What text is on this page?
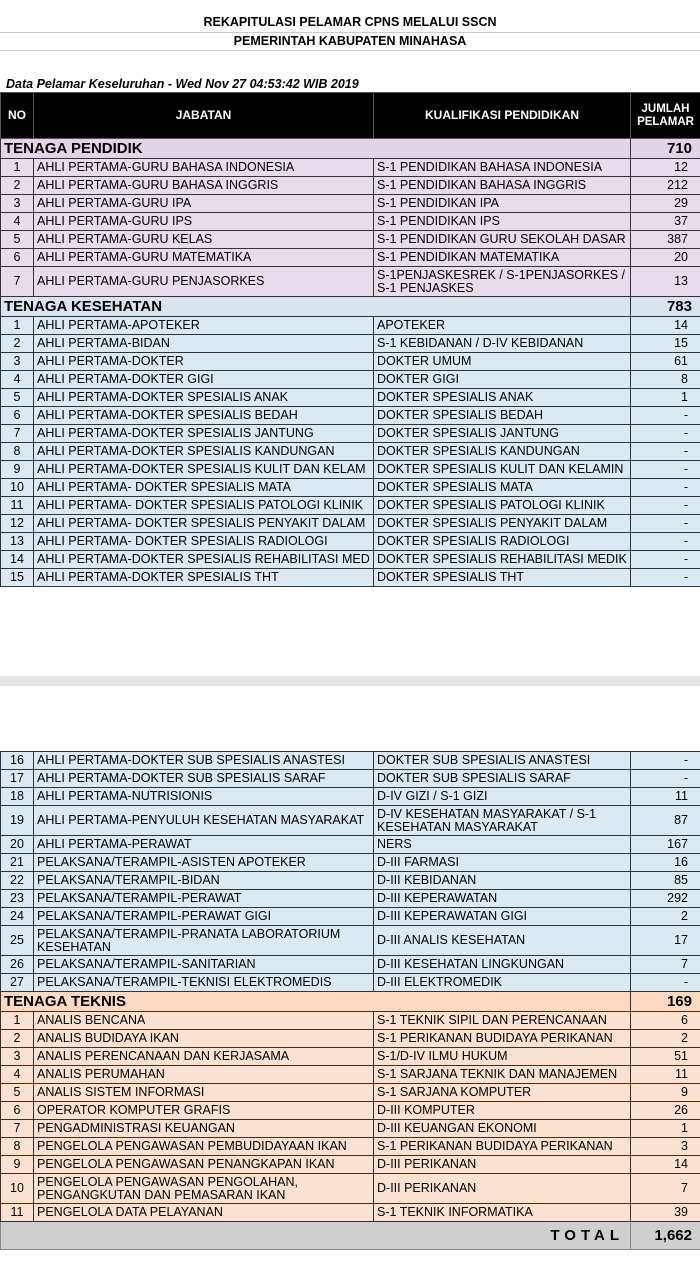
REKAPITULASI PELAMAR CPNS MELALUI SSCN
PEMERINTAH KABUPATEN MINAHASA
Data Pelamar Keseluruhan - Wed Nov 27 04:53:42 WIB 2019
NO	JABATAN	KUALIFIKASI PENDIDIKAN	JUMLAH PELAMAR
TENAGA PENDIDIK			710
1	AHLI PERTAMA-GURU BAHASA INDONESIA	S-1 PENDIDIKAN BAHASA INDONESIA	12
2	AHLI PERTAMA-GURU BAHASA INGGRIS	S-1 PENDIDIKAN BAHASA INGGRIS	212
3	AHLI PERTAMA-GURU IPA	S-1 PENDIDIKAN IPA	29
4	AHLI PERTAMA-GURU IPS	S-1 PENDIDIKAN IPS	37
5	AHLI PERTAMA-GURU KELAS	S-1 PENDIDIKAN GURU SEKOLAH DASAR	387
6	AHLI PERTAMA-GURU MATEMATIKA	S-1 PENDIDIKAN MATEMATIKA	20
7	AHLI PERTAMA-GURU PENJASORKES	S-1PENJASKESREK / S-1PENJASORKES / S-1 PENJASKES	13
TENAGA KESEHATAN			783
1	AHLI PERTAMA-APOTEKER	APOTEKER	14
2	AHLI PERTAMA-BIDAN	S-1 KEBIDANAN / D-IV KEBIDANAN	15
3	AHLI PERTAMA-DOKTER	DOKTER UMUM	61
4	AHLI PERTAMA-DOKTER GIGI	DOKTER GIGI	8
5	AHLI PERTAMA-DOKTER SPESIALIS ANAK	DOKTER SPESIALIS ANAK	1
6	AHLI PERTAMA-DOKTER SPESIALIS BEDAH	DOKTER SPESIALIS BEDAH	-
7	AHLI PERTAMA-DOKTER SPESIALIS JANTUNG	DOKTER SPESIALIS JANTUNG	-
8	AHLI PERTAMA-DOKTER SPESIALIS KANDUNGAN	DOKTER SPESIALIS KANDUNGAN	-
9	AHLI PERTAMA-DOKTER SPESIALIS KULIT DAN KELAM	DOKTER SPESIALIS KULIT DAN KELAMIN	-
10	AHLI PERTAMA- DOKTER SPESIALIS MATA	DOKTER SPESIALIS MATA	-
11	AHLI PERTAMA- DOKTER SPESIALIS PATOLOGI KLINIK	DOKTER SPESIALIS PATOLOGI KLINIK	-
12	AHLI PERTAMA- DOKTER SPESIALIS PENYAKIT DALAM	DOKTER SPESIALIS PENYAKIT DALAM	-
13	AHLI PERTAMA- DOKTER SPESIALIS RADIOLOGI	DOKTER SPESIALIS RADIOLOGI	-
14	AHLI PERTAMA-DOKTER SPESIALIS REHABILITASI MED	DOKTER SPESIALIS REHABILITASI MEDIK	-
15	AHLI PERTAMA-DOKTER SPESIALIS THT	DOKTER SPESIALIS THT	-
16	AHLI PERTAMA-DOKTER SUB SPESIALIS ANASTESI	DOKTER SUB SPESIALIS ANASTESI	-
17	AHLI PERTAMA-DOKTER SUB SPESIALIS SARAF	DOKTER SUB SPESIALIS SARAF	-
18	AHLI PERTAMA-NUTRISIONIS	D-IV GIZI / S-1 GIZI	11
19	AHLI PERTAMA-PENYULUH KESEHATAN MASYARAKAT	D-IV KESEHATAN MASYARAKAT / S-1 KESEHATAN MASYARAKAT	87
20	AHLI PERTAMA-PERAWAT	NERS	167
21	PELAKSANA/TERAMPIL-ASISTEN APOTEKER	D-III FARMASI	16
22	PELAKSANA/TERAMPIL-BIDAN	D-III KEBIDANAN	85
23	PELAKSANA/TERAMPIL-PERAWAT	D-III KEPERAWATAN	292
24	PELAKSANA/TERAMPIL-PERAWAT GIGI	D-III KEPERAWATAN GIGI	2
25	PELAKSANA/TERAMPIL-PRANATA LABORATORIUM KESEHATAN	D-III ANALIS KESEHATAN	17
26	PELAKSANA/TERAMPIL-SANITARIAN	D-III KESEHATAN LINGKUNGAN	7
27	PELAKSANA/TERAMPIL-TEKNISI ELEKTROMEDIS	D-III ELEKTROMEDIK	-
TENAGA TEKNIS			169
1	ANALIS BENCANA	S-1 TEKNIK SIPIL DAN PERENCANAAN	6
2	ANALIS BUDIDAYA IKAN	S-1 PERIKANAN BUDIDAYA PERIKANAN	2
3	ANALIS PERENCANAAN DAN KERJASAMA	S-1/D-IV ILMU HUKUM	51
4	ANALIS PERUMAHAN	S-1 SARJANA TEKNIK DAN MANAJEMEN	11
5	ANALIS SISTEM INFORMASI	S-1 SARJANA KOMPUTER	9
6	OPERATOR KOMPUTER GRAFIS	D-III KOMPUTER	26
7	PENGADMINISTRASI KEUANGAN	D-III KEUANGAN EKONOMI	1
8	PENGELOLA PENGAWASAN PEMBUDIDAYAAN IKAN	S-1 PERIKANAN BUDIDAYA PERIKANAN	3
9	PENGELOLA PENGAWASAN PENANGKAPAN IKAN	D-III PERIKANAN	14
10	PENGELOLA PENGAWASAN PENGOLAHAN, PENGANGKUTAN DAN PEMASARAN IKAN	D-III PERIKANAN	7
11	PENGELOLA DATA PELAYANAN	S-1 TEKNIK INFORMATIKA	39
TOTAL			1,662
